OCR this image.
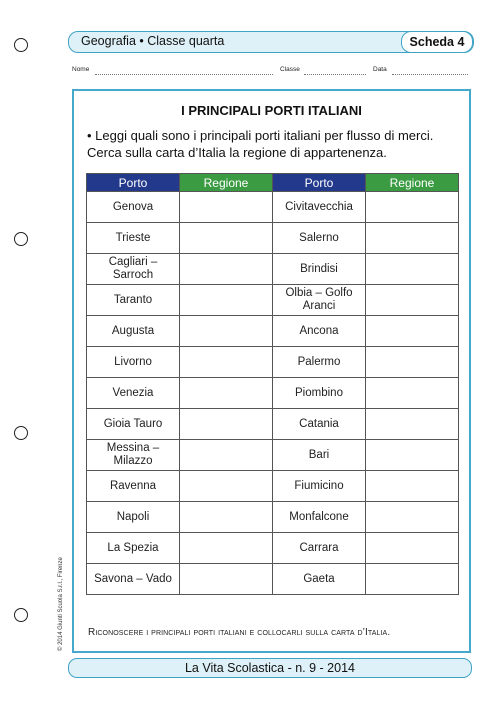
Geografia • Classe quarta	Scheda 4
Nome	Classe	Data
I PRINCIPALI PORTI ITALIANI
• Leggi quali sono i principali porti italiani per flusso di merci. Cerca sulla carta d’Italia la regione di appartenenza.
Porto	Regione	Porto	Regione
Genova		Civitavecchia	
Trieste		Salerno	
Cagliari – Sarroch		Brindisi	
Taranto		Olbia – Golfo Aranci	
Augusta		Ancona	
Livorno		Palermo	
Venezia		Piombino	
Gioia Tauro		Catania	
Messina – Milazzo		Bari	
Ravenna		Fiumicino	
Napoli		Monfalcone	
La Spezia		Carrara	
Savona – Vado		Gaeta	
Riconoscere i principali porti italiani e collocarli sulla carta d’Italia.
© 2014 Giunti Scuola S.r.l., Firenze
La Vita Scolastica - n. 9 - 2014
